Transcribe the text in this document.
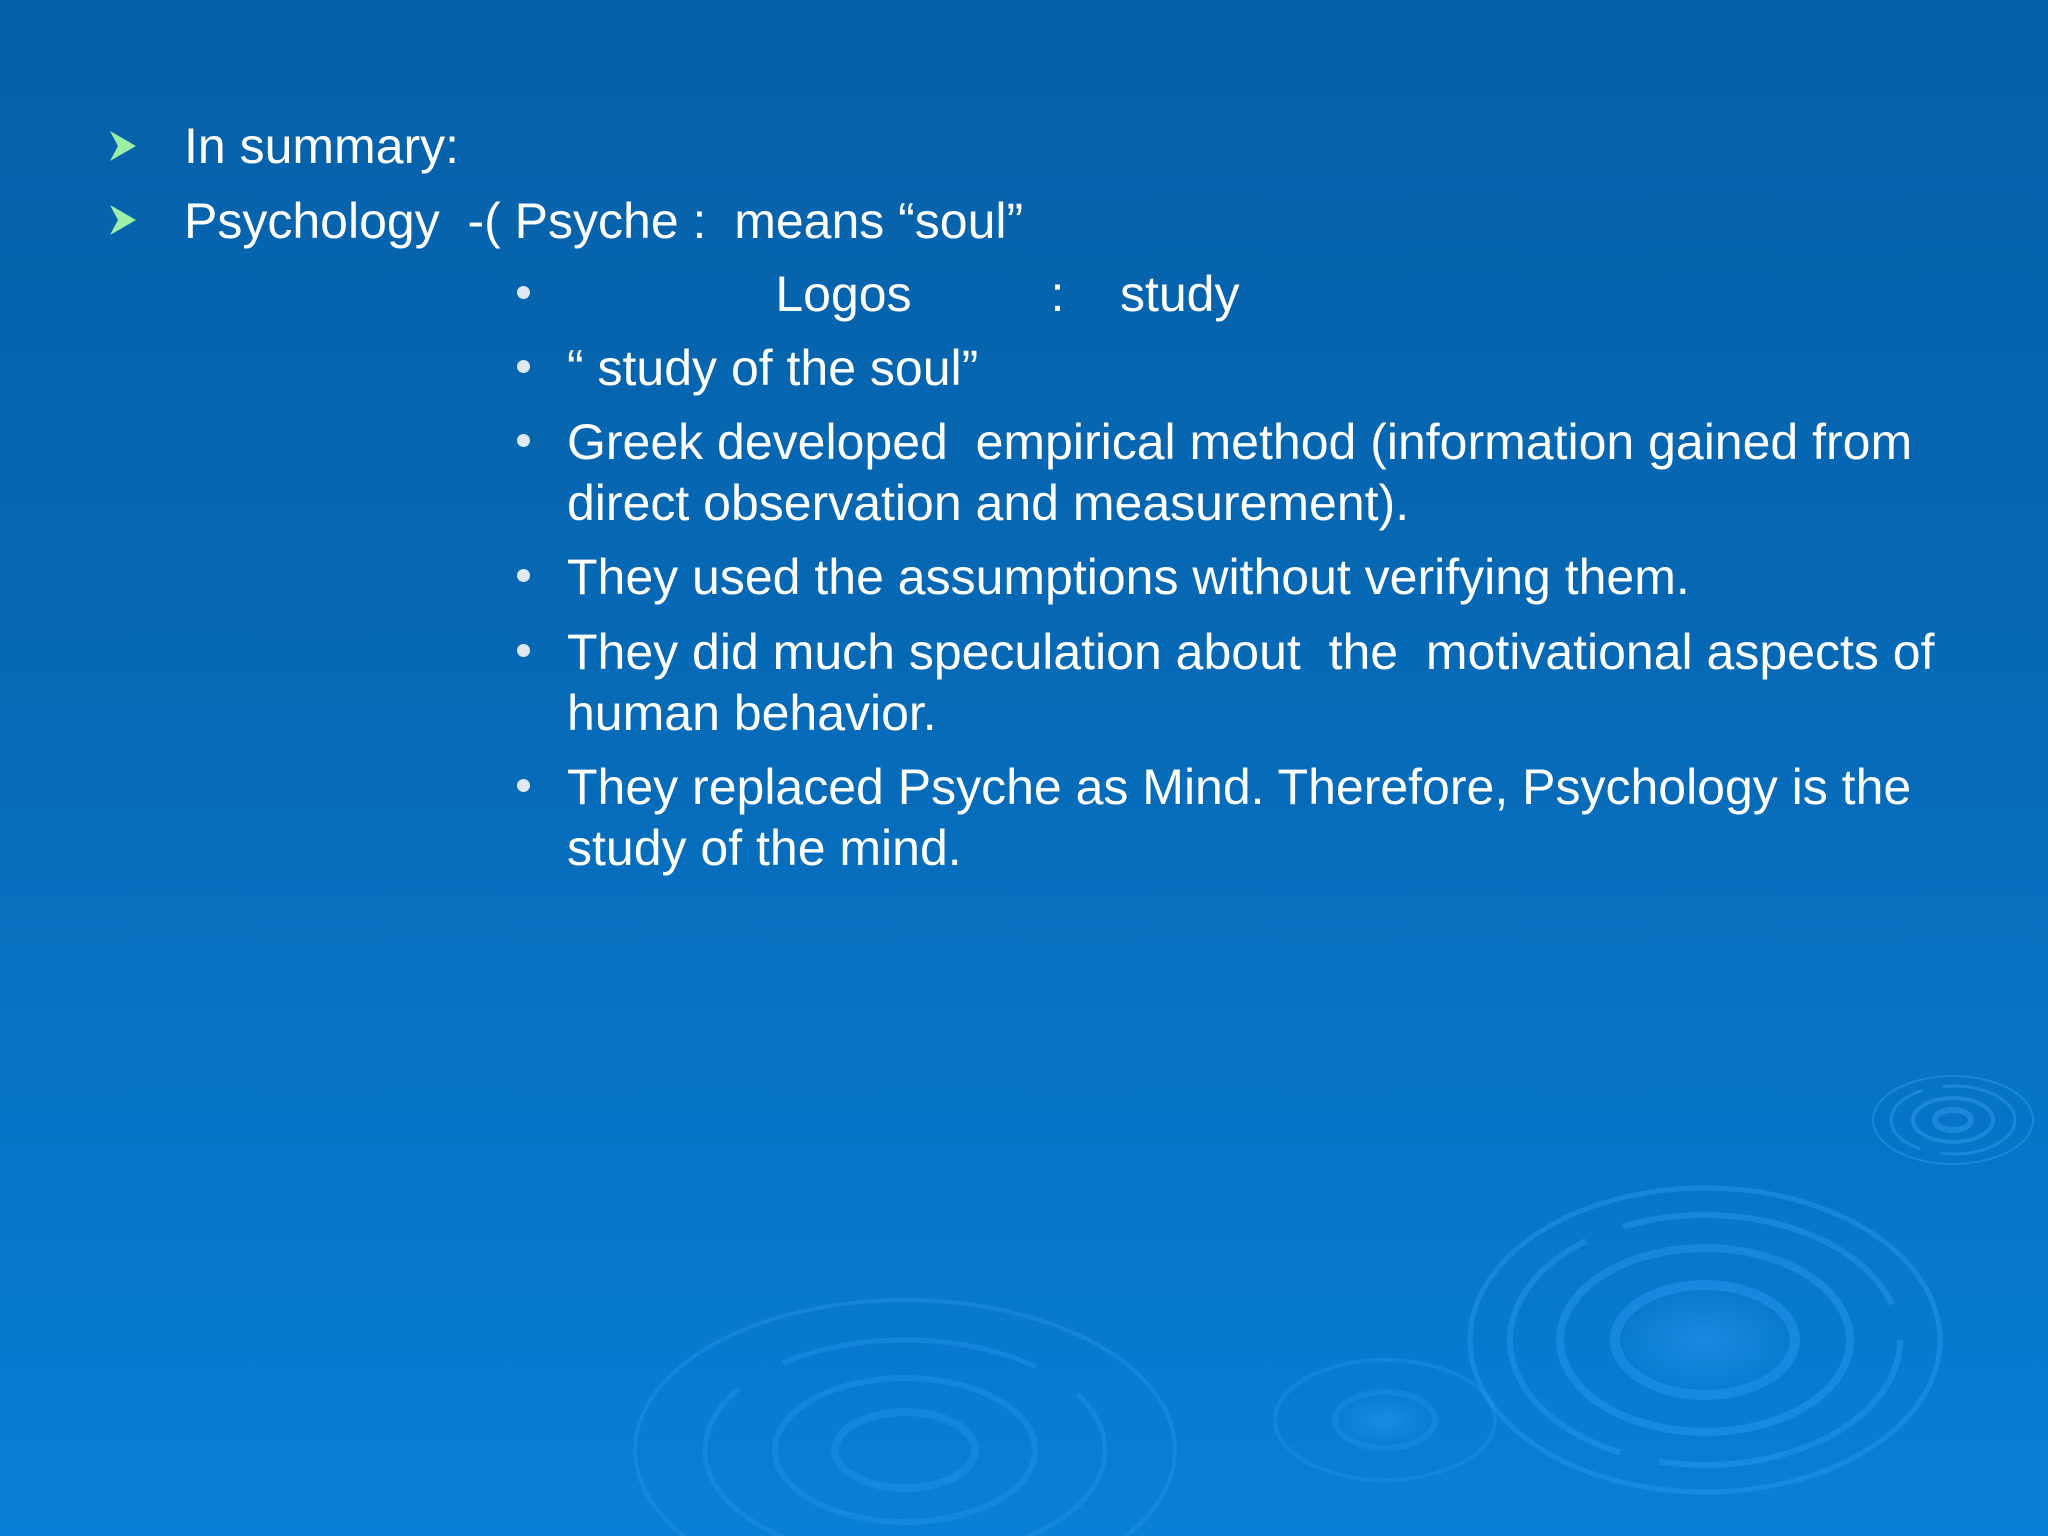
In summary:
Psychology  -( Psyche :  means “soul”
Logos          :    study
“ study of the soul”
Greek developed  empirical method (information gained from direct observation and measurement).
They used the assumptions without verifying them.
They did much speculation about  the  motivational aspects of human behavior.
They replaced Psyche as Mind. Therefore, Psychology is the study of the mind.
